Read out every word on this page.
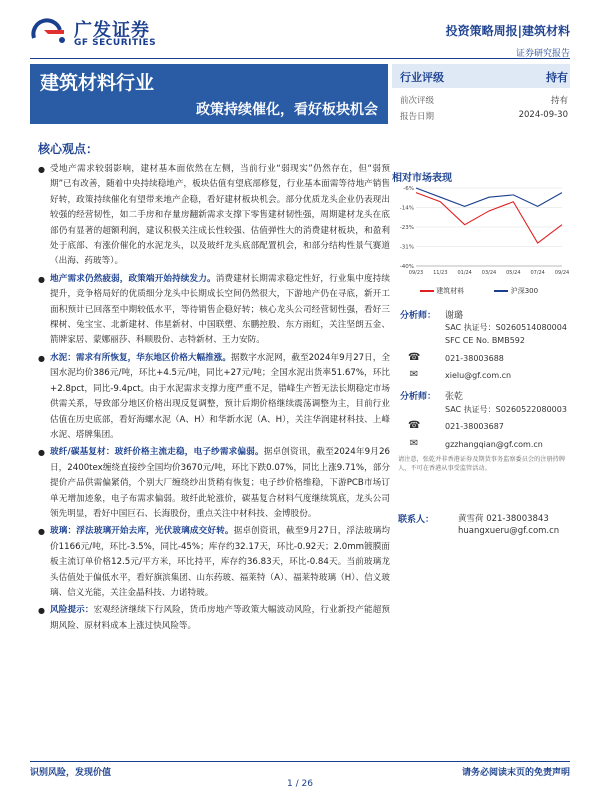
广发证券
GF SECURITIES
投资策略周报|建筑材料
证券研究报告
建筑材料行业
政策持续催化，看好板块机会
行业评级	持有
前次评级	持有
报告日期	2024-09-30
核心观点：

● 受地产需求较弱影响，建材基本面依然在左侧，当前行业“弱现实”仍然存在，但“弱预期”已有改善，随着中央持续稳地产，板块估值有望底部修复，行业基本面需等待地产销售好转，政策持续催化有望带来地产企稳，看好建材板块机会。部分优质龙头企业仍表现出较强的经营韧性，如二手房和存量房翻新需求支撑下零售建材韧性强，周期建材龙头在底部仍有显著的超额利润，建议积极关注成长性较强、估值弹性大的消费建材板块，和盈利处于底部、有涨价催化的水泥龙头，以及玻纤龙头底部配置机会，和部分结构性景气赛道（出海、药玻等）。

● 地产需求仍然疲弱，政策端开始持续发力。消费建材长期需求稳定性好，行业集中度持续提升，竞争格局好的优质细分龙头中长期成长空间仍然很大，下游地产仍在寻底，新开工面积预计已回落至中期较低水平，等待销售企稳好转；核心龙头公司经营韧性强，看好三棵树、兔宝宝、北新建材、伟星新材、中国联塑、东鹏控股、东方雨虹，关注坚朗五金、箭牌家居、蒙娜丽莎、科顺股份、志特新材、王力安防。

● 水泥：需求有所恢复，华东地区价格大幅推涨。据数字水泥网，截至2024年9月27日，全国水泥均价386元/吨，环比+4.5元/吨，同比+27元/吨；全国水泥出货率51.67%，环比+2.8pct，同比-9.4pct。由于水泥需求支撑力度严重不足，错峰生产暂无法长期稳定市场供需关系，导致部分地区价格出现反复调整，预计后期价格继续震荡调整为主，目前行业估值在历史底部，看好海螺水泥（A、H）和华新水泥（A、H），关注华润建材科技、上峰水泥、塔牌集团。

● 玻纤/碳基复材：玻纤价格主流走稳，电子纱需求偏弱。据卓创资讯，截至2024年9月26日，2400tex缠绕直接纱全国均价3670元/吨，环比下跌0.07%，同比上涨9.71%，部分提价产品供需偏紧俏，个别大厂缠绕纱出货稍有恢复；电子纱价格维稳，下游PCB市场订单无增加迹象，电子布需求偏弱。玻纤此轮涨价，碳基复合材料气度继续筑底，龙头公司领先明显，看好中国巨石、长海股份，重点关注中材科技、金博股份。

● 玻璃：浮法玻璃开始去库，光伏玻璃成交好转。据卓创资讯，截至9月27日，浮法玻璃均价1166元/吨，环比-3.5%，同比-45%；库存约32.17天，环比-0.92天；2.0mm镀膜面板主流订单价格12.5元/平方米，环比持平，库存约36.83天，环比-0.84天。当前玻璃龙头估值处于偏低水平，看好旗滨集团、山东药玻、福莱特（A）、福莱特玻璃（H）、信义玻璃、信义光能，关注金晶科技、力诺特玻。

● 风险提示：宏观经济继续下行风险，货币房地产等政策大幅波动风险，行业新投产能超预期风险、原材料成本上涨过快风险等。

相对市场表现
-6%
-14%
-23%
-31%
-40%
09/23 11/23 01/24 03/24 05/24 07/24 09/24
建筑材料	沪深300
分析师： 谢璐
SAC 执证号：S0260514080004
SFC CE No. BMB592
☎	021-38003688
✉	xielu@gf.com.cn
分析师： 张乾
SAC 执证号：S0260522080003
☎	021-38003687
✉	gzzhangqian@gf.com.cn
请注意，张乾并非香港证券及期货事务监察委员会的注册持牌人，不可在香港从事受监管活动。
联系人：	黄雪荷 021-38003843
huangxueru@gf.com.cn
识别风险，发现价值	请务必阅读末页的免责声明
1 / 26
